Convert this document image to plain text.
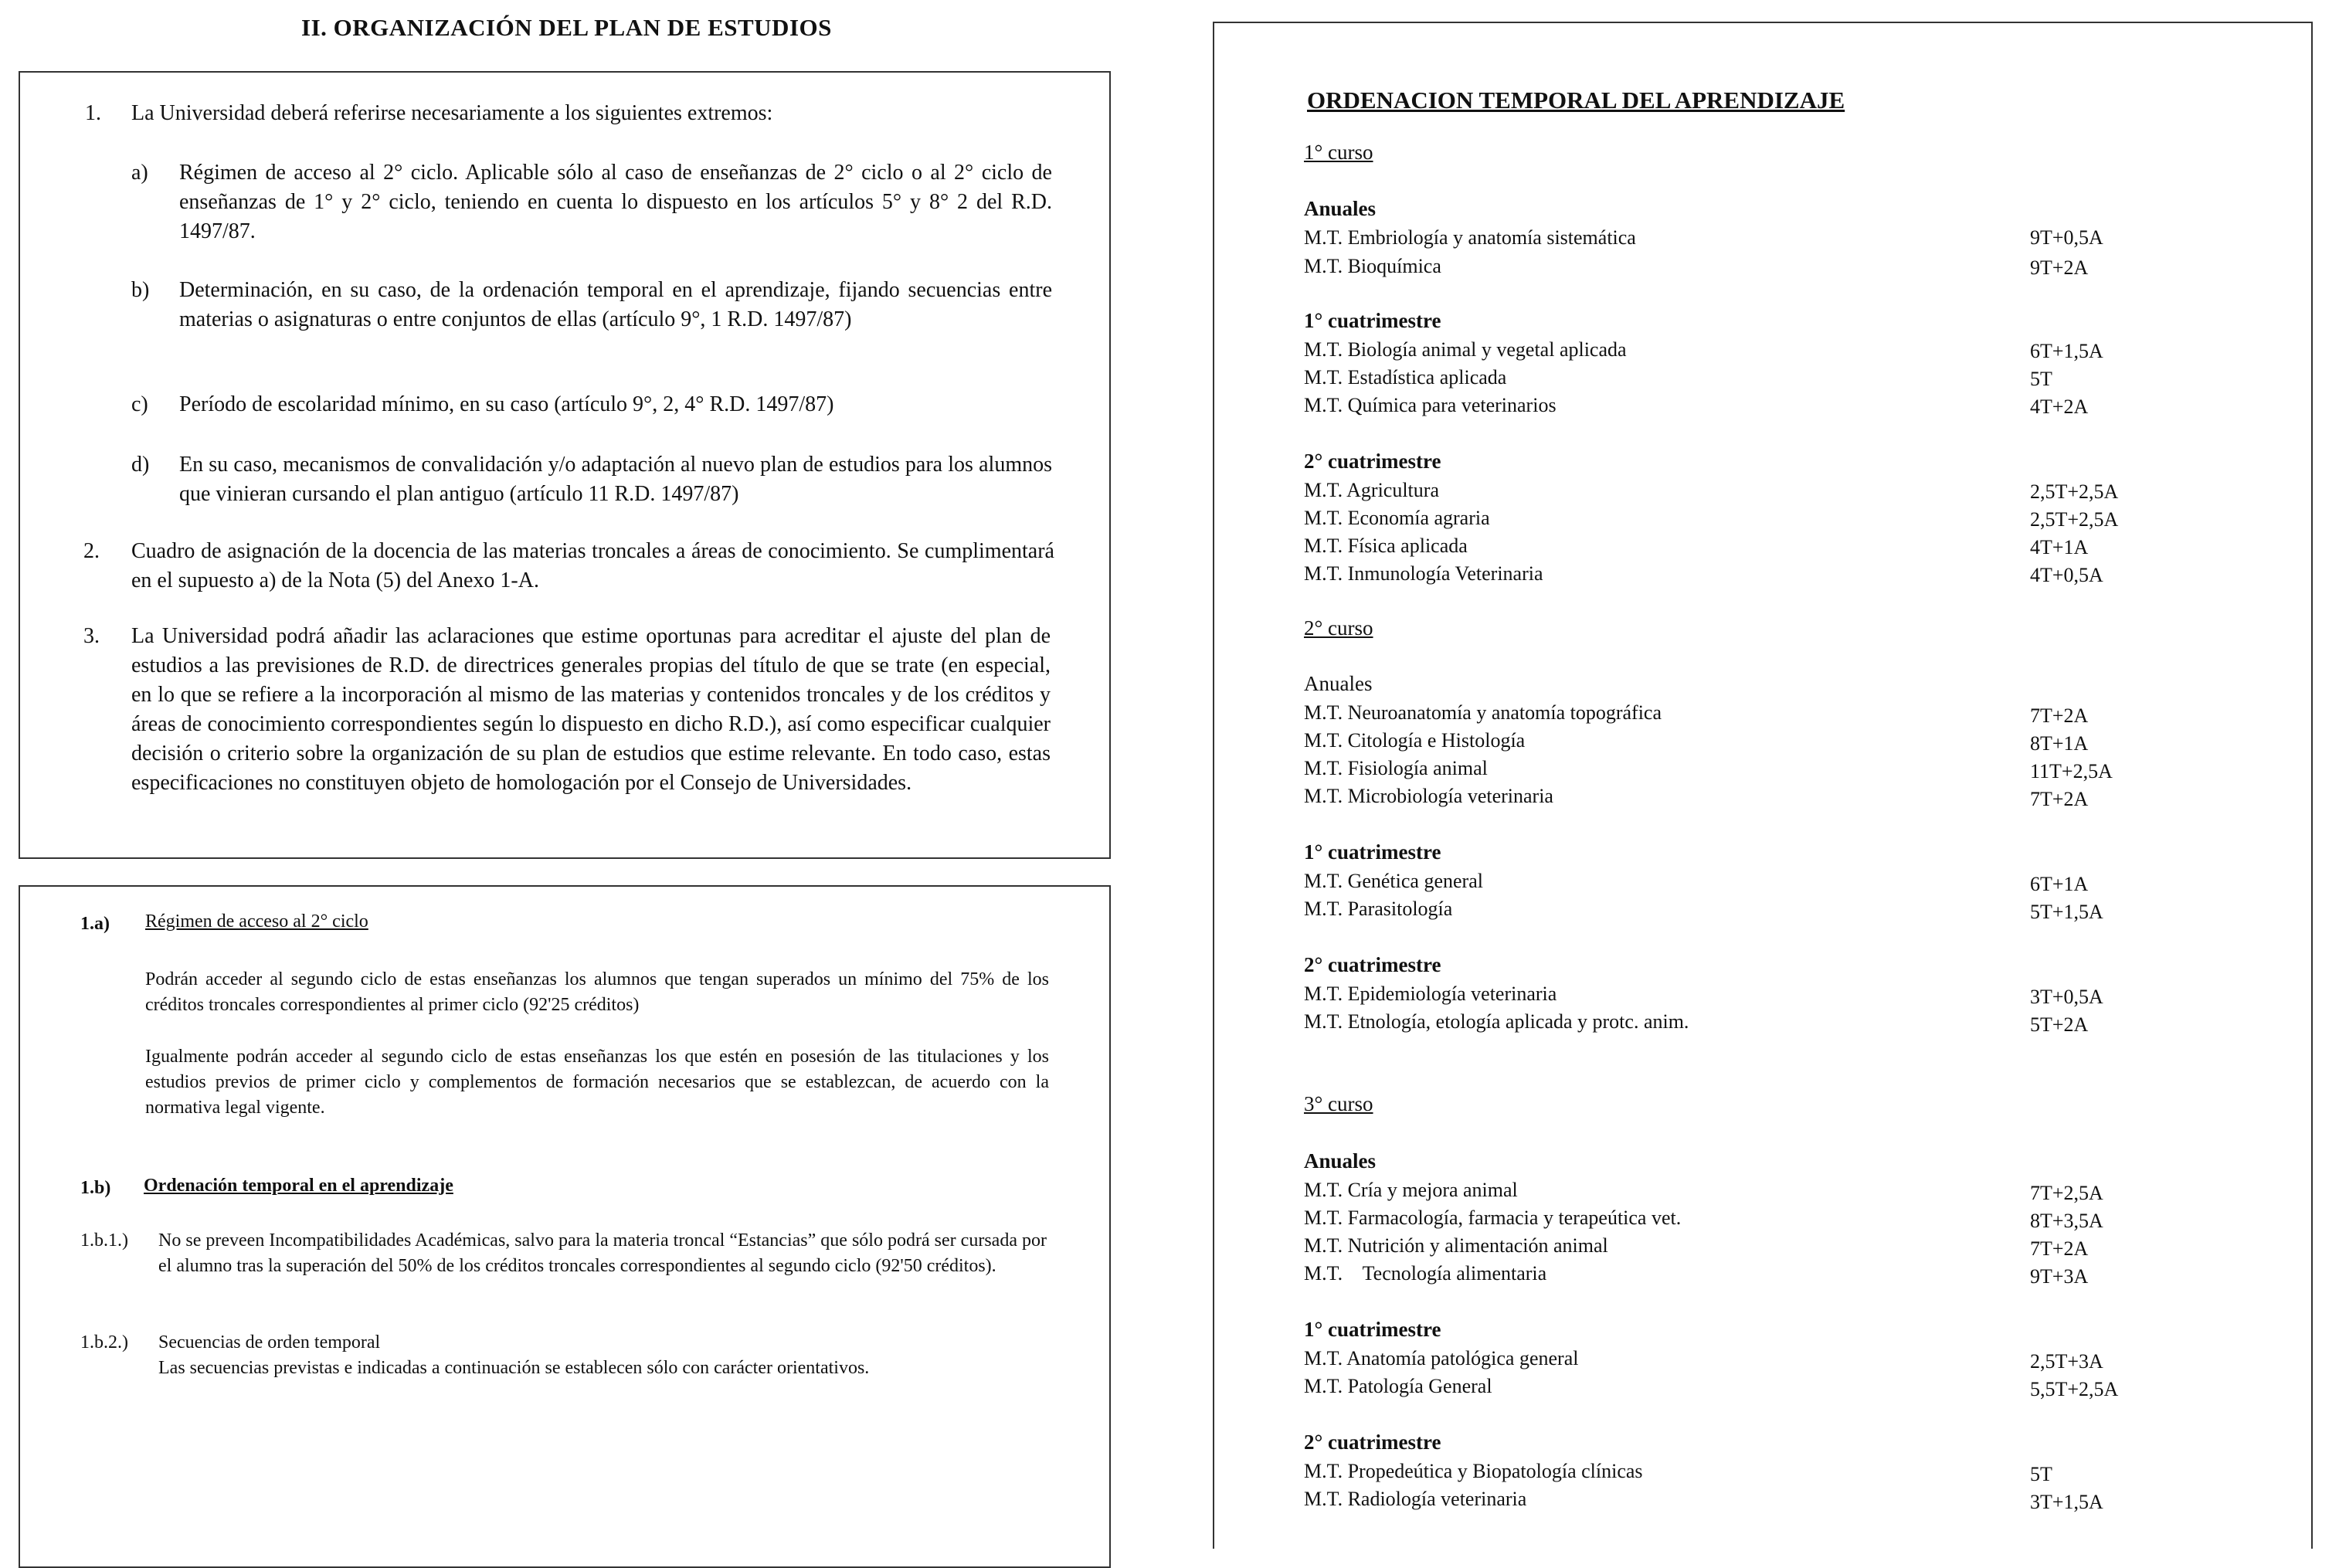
II. ORGANIZACIÓN DEL PLAN DE ESTUDIOS
1. La Universidad deberá referirse necesariamente a los siguientes extremos:
a) Régimen de acceso al 2° ciclo. Aplicable sólo al caso de enseñanzas de 2° ciclo o al 2° ciclo de enseñanzas de 1° y 2° ciclo, teniendo en cuenta lo dispuesto en los artículos 5° y 8° 2 del R.D. 1497/87.
b) Determinación, en su caso, de la ordenación temporal en el aprendizaje, fijando secuencias entre materias o asignaturas o entre conjuntos de ellas (artículo 9°, 1 R.D. 1497/87)
c) Período de escolaridad mínimo, en su caso (artículo 9°, 2, 4° R.D. 1497/87)
d) En su caso, mecanismos de convalidación y/o adaptación al nuevo plan de estudios para los alumnos que vinieran cursando el plan antiguo (artículo 11 R.D. 1497/87)
2. Cuadro de asignación de la docencia de las materias troncales a áreas de conocimiento. Se cumplimentará en el supuesto a) de la Nota (5) del Anexo 1-A.
3. La Universidad podrá añadir las aclaraciones que estime oportunas para acreditar el ajuste del plan de estudios a las previsiones de R.D. de directrices generales propias del título de que se trate (en especial, en lo que se refiere a la incorporación al mismo de las materias y contenidos troncales y de los créditos y áreas de conocimiento correspondientes según lo dispuesto en dicho R.D.), así como especificar cualquier decisión o criterio sobre la organización de su plan de estudios que estime relevante. En todo caso, estas especificaciones no constituyen objeto de homologación por el Consejo de Universidades.
1.a) Régimen de acceso al 2° ciclo
Podrán acceder al segundo ciclo de estas enseñanzas los alumnos que tengan superados un mínimo del 75% de los créditos troncales correspondientes al primer ciclo (92'25 créditos)
Igualmente podrán acceder al segundo ciclo de estas enseñanzas los que estén en posesión de las titulaciones y los estudios previos de primer ciclo y complementos de formación necesarios que se establezcan, de acuerdo con la normativa legal vigente.
1.b) Ordenación temporal en el aprendizaje
1.b.1.) No se preveen Incompatibilidades Académicas, salvo para la materia troncal “Estancias” que sólo podrá ser cursada por el alumno tras la superación del 50% de los créditos troncales correspondientes al segundo ciclo (92'50 créditos).
1.b.2.) Secuencias de orden temporal
Las secuencias previstas e indicadas a continuación se establecen sólo con carácter orientativos.
ORDENACION TEMPORAL DEL APRENDIZAJE
1° curso
Anuales
M.T. Embriología y anatomía sistemática	9T+0,5A
M.T. Bioquímica	9T+2A
1° cuatrimestre
M.T. Biología animal y vegetal aplicada	6T+1,5A
M.T. Estadística aplicada	5T
M.T. Química para veterinarios	4T+2A
2° cuatrimestre
M.T. Agricultura	2,5T+2,5A
M.T. Economía agraria	2,5T+2,5A
M.T. Física aplicada	4T+1A
M.T. Inmunología Veterinaria	4T+0,5A
2° curso
Anuales
M.T. Neuroanatomía y anatomía topográfica	7T+2A
M.T. Citología e Histología	8T+1A
M.T. Fisiología animal	11T+2,5A
M.T. Microbiología veterinaria	7T+2A
1° cuatrimestre
M.T. Genética general	6T+1A
M.T. Parasitología	5T+1,5A
2° cuatrimestre
M.T. Epidemiología veterinaria	3T+0,5A
M.T. Etnología, etología aplicada y protc. anim.	5T+2A
3° curso
Anuales
M.T. Cría y mejora animal	7T+2,5A
M.T. Farmacología, farmacia y terapeútica vet.	8T+3,5A
M.T. Nutrición y alimentación animal	7T+2A
M.T.    Tecnología alimentaria	9T+3A
1° cuatrimestre
M.T. Anatomía patológica general	2,5T+3A
M.T. Patología General	5,5T+2,5A
2° cuatrimestre
M.T. Propedeútica y Biopatología clínicas	5T
M.T. Radiología veterinaria	3T+1,5A
